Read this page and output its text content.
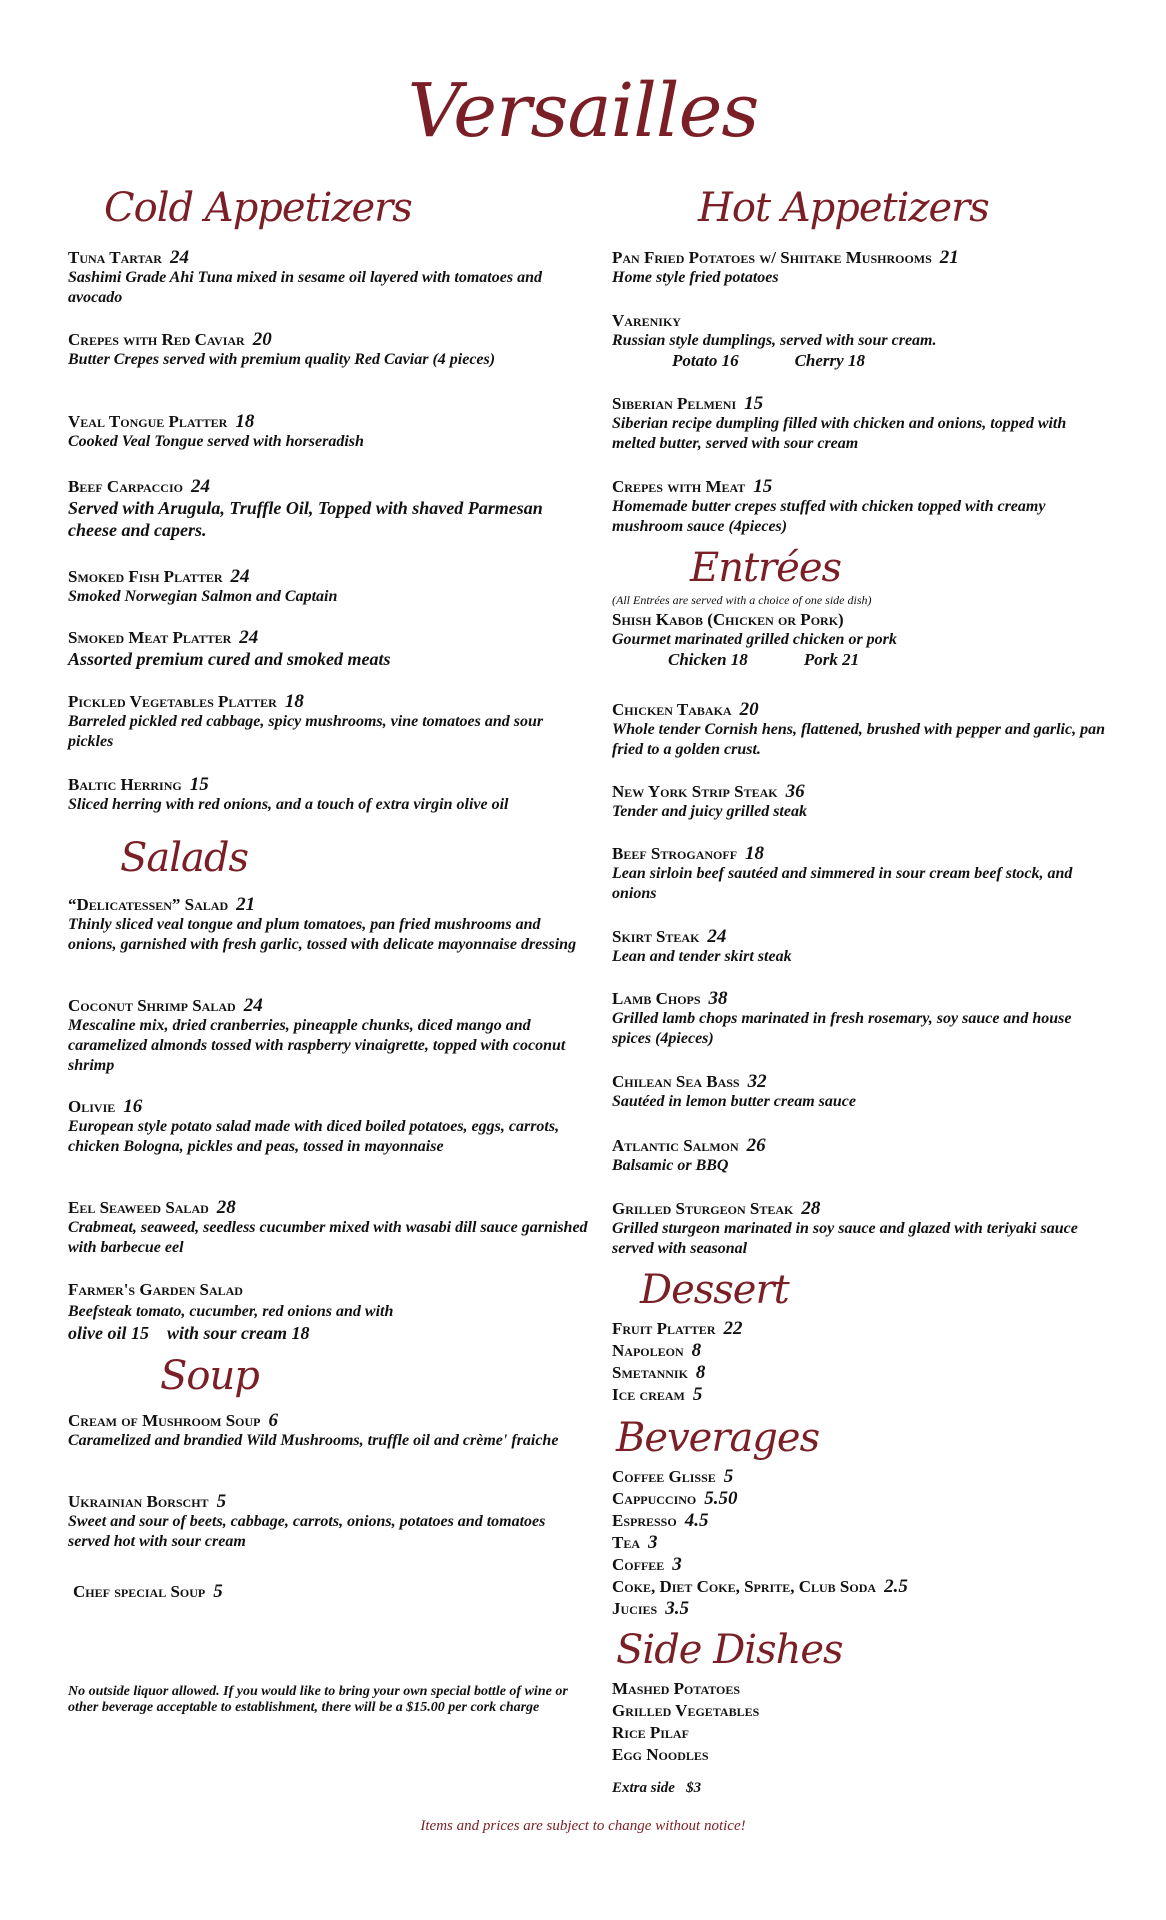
Versailles
Cold Appetizers
Tuna Tartar 24
Sashimi Grade Ahi Tuna mixed in sesame oil layered with tomatoes and avocado
Crepes with Red Caviar 20
Butter Crepes served with premium quality Red Caviar (4 pieces)
Veal Tongue Platter 18
Cooked Veal Tongue served with horseradish
Beef Carpaccio 24
Served with Arugula, Truffle Oil, Topped with shaved Parmesan cheese and capers.
Smoked Fish Platter 24
Smoked Norwegian Salmon and Captain
Smoked Meat Platter 24
Assorted premium cured and smoked meats
Pickled Vegetables Platter 18
Barreled pickled red cabbage, spicy mushrooms, vine tomatoes and sour pickles
Baltic Herring 15
Sliced herring with red onions, and a touch of extra virgin olive oil
Salads
“Delicatessen” Salad 21
Thinly sliced veal tongue and plum tomatoes, pan fried mushrooms and onions, garnished with fresh garlic, tossed with delicate mayonnaise dressing
Coconut Shrimp Salad 24
Mescaline mix, dried cranberries, pineapple chunks, diced mango and caramelized almonds tossed with raspberry vinaigrette, topped with coconut shrimp
Olivie 16
European style potato salad made with diced boiled potatoes, eggs, carrots, chicken Bologna, pickles and peas, tossed in mayonnaise
Eel Seaweed Salad 28
Crabmeat, seaweed, seedless cucumber mixed with wasabi dill sauce garnished with barbecue eel
Farmer's Garden Salad
Beefsteak tomato, cucumber, red onions and with
olive oil 15    with sour cream 18
Soup
Cream of Mushroom Soup 6
Caramelized and brandied Wild Mushrooms, truffle oil and crème' fraiche
Ukrainian Borscht 5
Sweet and sour of beets, cabbage, carrots, onions, potatoes and tomatoes served hot with sour cream
Chef special Soup 5
No outside liquor allowed. If you would like to bring your own special bottle of wine or other beverage acceptable to establishment, there will be a $15.00 per cork charge
Hot Appetizers
Pan Fried Potatoes w/ Shiitake Mushrooms 21
Home style fried potatoes
Vareniky
Russian style dumplings, served with sour cream.
Potato 16	Cherry 18
Siberian Pelmeni 15
Siberian recipe dumpling filled with chicken and onions, topped with melted butter, served with sour cream
Crepes with Meat 15
Homemade butter crepes stuffed with chicken topped with creamy mushroom sauce (4pieces)
Entrées
(All Entrées are served with a choice of one side dish)
Shish Kabob (Chicken or Pork)
Gourmet marinated grilled chicken or pork
Chicken 18	Pork 21
Chicken Tabaka 20
Whole tender Cornish hens, flattened, brushed with pepper and garlic, pan fried to a golden crust.
New York Strip Steak 36
Tender and juicy grilled steak
Beef Stroganoff 18
Lean sirloin beef sautéed and simmered in sour cream beef stock, and onions
Skirt Steak 24
Lean and tender skirt steak
Lamb Chops 38
Grilled lamb chops marinated in fresh rosemary, soy sauce and house spices (4pieces)
Chilean Sea Bass 32
Sautéed in lemon butter cream sauce
Atlantic Salmon 26
Balsamic or BBQ
Grilled Sturgeon Steak 28
Grilled sturgeon marinated in soy sauce and glazed with teriyaki sauce served with seasonal
Dessert
Fruit Platter 22
Napoleon 8
Smetannik 8
Ice cream 5
Beverages
Coffee Glisse 5
Cappuccino 5.50
Espresso 4.5
Tea 3
Coffee 3
Coke, Diet Coke, Sprite, Club Soda 2.5
Jucies 3.5
Side Dishes
Mashed Potatoes
Grilled Vegetables
Rice Pilaf
Egg Noodles
Extra side   $3
Items and prices are subject to change without notice!
